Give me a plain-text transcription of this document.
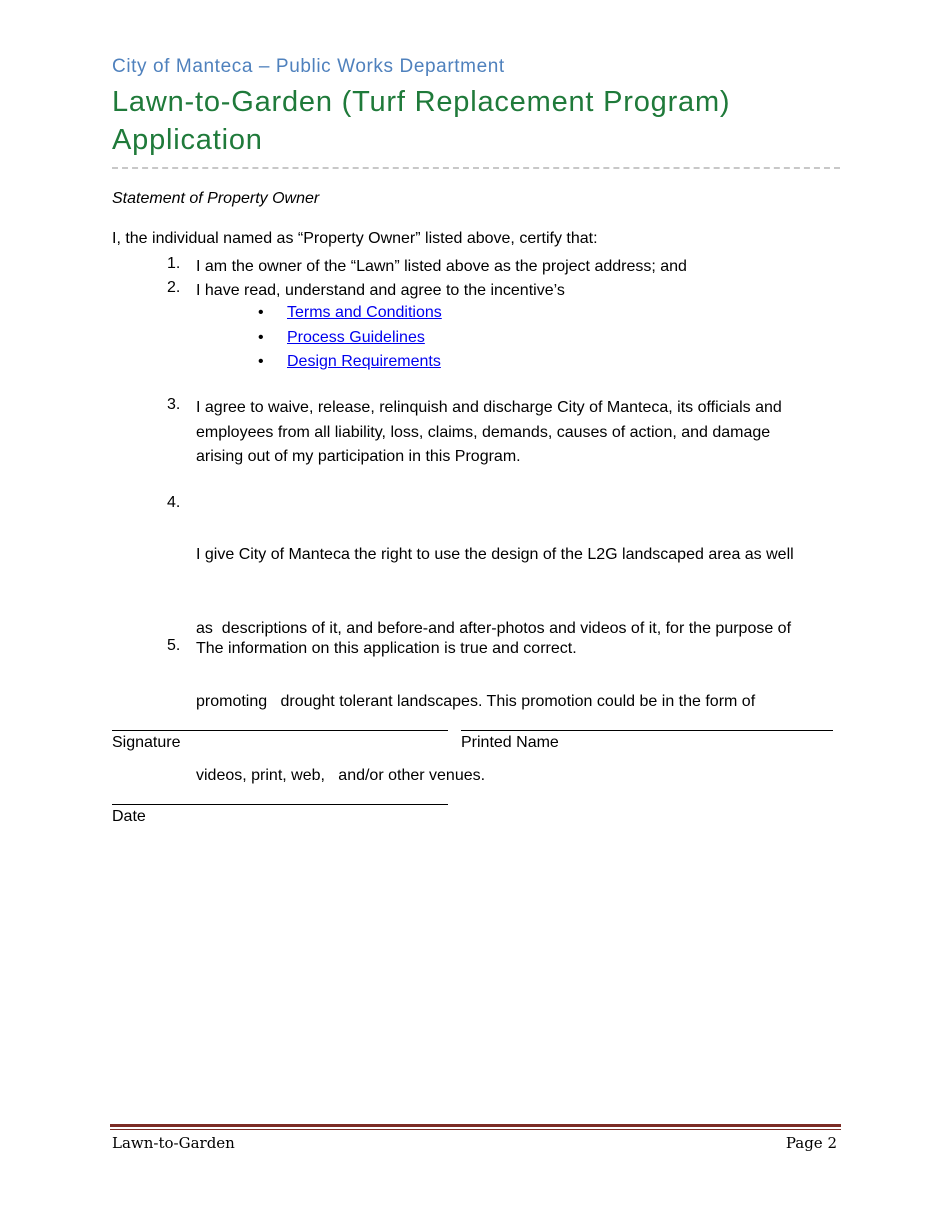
City of Manteca – Public Works Department
Lawn-to-Garden (Turf Replacement Program)
Application
Statement of Property Owner
I, the individual named as “Property Owner” listed above, certify that:
1. I am the owner of the “Lawn” listed above as the project address; and
2. I have read, understand and agree to the incentive’s
• Terms and Conditions
• Process Guidelines
• Design Requirements
3. I agree to waive, release, relinquish and discharge City of Manteca, its officials and
employees from all liability, loss, claims, demands, causes of action, and damage
arising out of my participation in this Program.
4.

I give City of Manteca the right to use the design of the L2G landscaped area as well

as  descriptions of it, and before-and after-photos and videos of it, for the purpose of

promoting   drought tolerant landscapes. This promotion could be in the form of

videos, print, web,   and/or other venues.

5. The information on this application is true and correct.
Signature	Printed Name
Date
Lawn-to-Garden	Page 2
